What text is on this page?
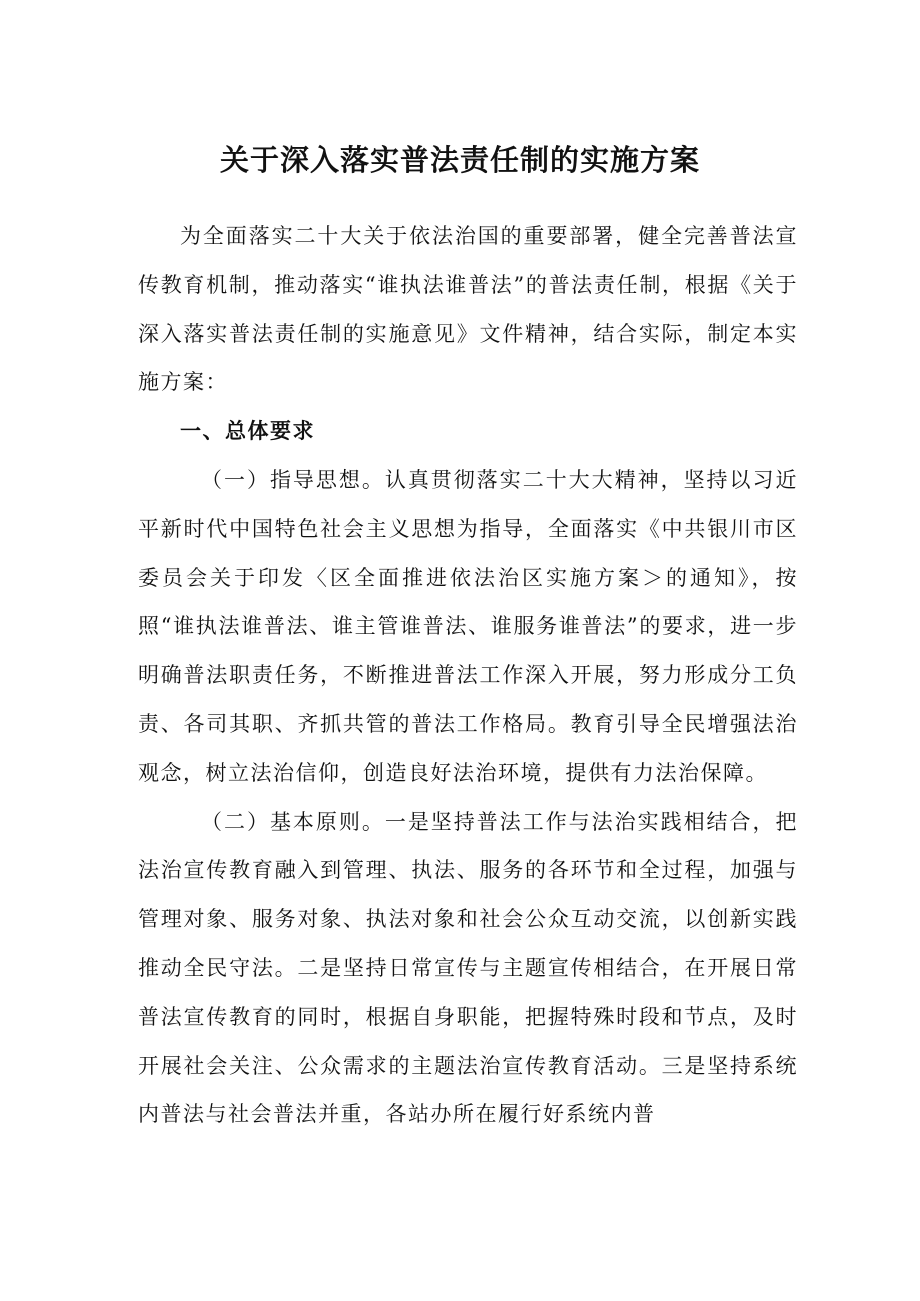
关于深入落实普法责任制的实施方案

为全面落实二十大关于依法治国的重要部署，健全完善普法宣传教育机制，推动落实“谁执法谁普法”的普法责任制，根据《关于深入落实普法责任制的实施意见》文件精神，结合实际，制定本实施方案：

一、总体要求

（一）指导思想。认真贯彻落实二十大大精神，坚持以习近平新时代中国特色社会主义思想为指导，全面落实《中共银川市区委员会关于印发〈区全面推进依法治区实施方案＞的通知》，按照“谁执法谁普法、谁主管谁普法、谁服务谁普法”的要求，进一步明确普法职责任务，不断推进普法工作深入开展，努力形成分工负责、各司其职、齐抓共管的普法工作格局。教育引导全民增强法治观念，树立法治信仰，创造良好法治环境，提供有力法治保障。

（二）基本原则。一是坚持普法工作与法治实践相结合，把法治宣传教育融入到管理、执法、服务的各环节和全过程，加强与管理对象、服务对象、执法对象和社会公众互动交流，以创新实践推动全民守法。二是坚持日常宣传与主题宣传相结合，在开展日常普法宣传教育的同时，根据自身职能，把握特殊时段和节点，及时开展社会关注、公众需求的主题法治宣传教育活动。三是坚持系统内普法与社会普法并重，各站办所在履行好系统内普
